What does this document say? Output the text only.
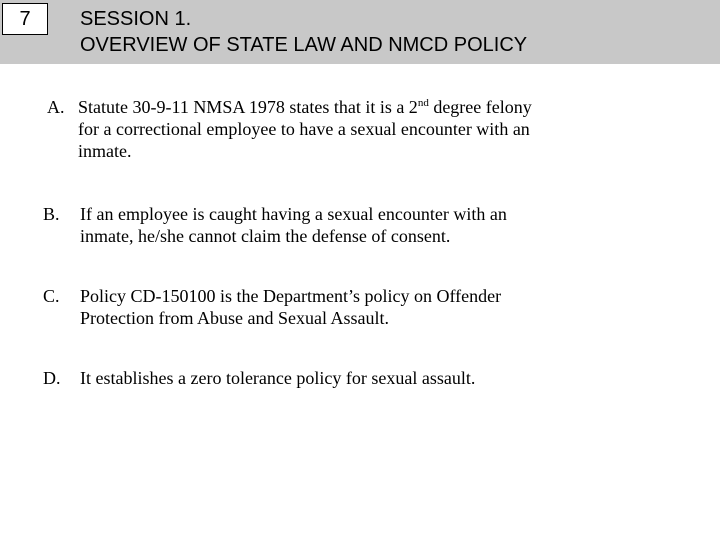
7	SESSION 1.
OVERVIEW OF STATE LAW AND NMCD POLICY
A. Statute 30-9-11 NMSA 1978 states that it is a 2nd degree felony
for a correctional employee to have a sexual encounter with an
inmate.
B. If an employee is caught having a sexual encounter with an
inmate, he/she cannot claim the defense of consent.
C. Policy CD-150100 is the Department’s policy on Offender
Protection from Abuse and Sexual Assault.
D. It establishes a zero tolerance policy for sexual assault.
